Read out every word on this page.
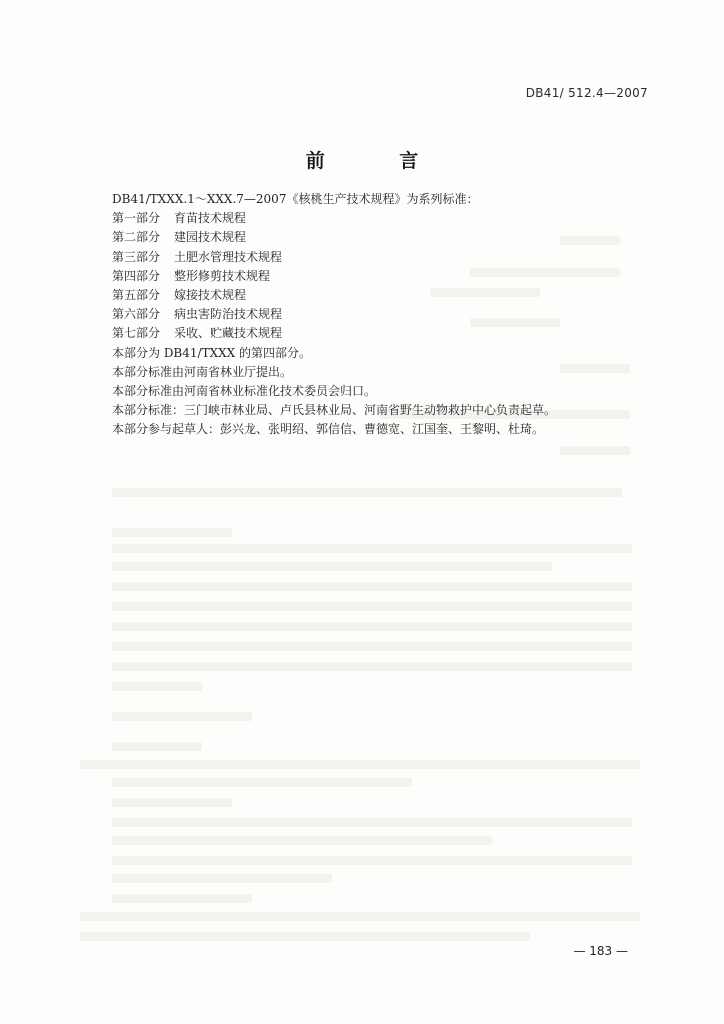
DB41/ 512.4—2007
前 言
DB41/TXXX.1～XXX.7—2007《核桃生产技术规程》为系列标准：
第一部分 育苗技术规程
第二部分 建园技术规程
第三部分 土肥水管理技术规程
第四部分 整形修剪技术规程
第五部分 嫁接技术规程
第六部分 病虫害防治技术规程
第七部分 采收、贮藏技术规程
本部分为 DB41/TXXX 的第四部分。
本部分标准由河南省林业厅提出。
本部分标准由河南省林业标准化技术委员会归口。
本部分标准：三门峡市林业局、卢氏县林业局、河南省野生动物救护中心负责起草。
本部分参与起草人：彭兴龙、张明绍、郭信信、曹德宽、江国奎、王黎明、杜琦。
— 183 —
